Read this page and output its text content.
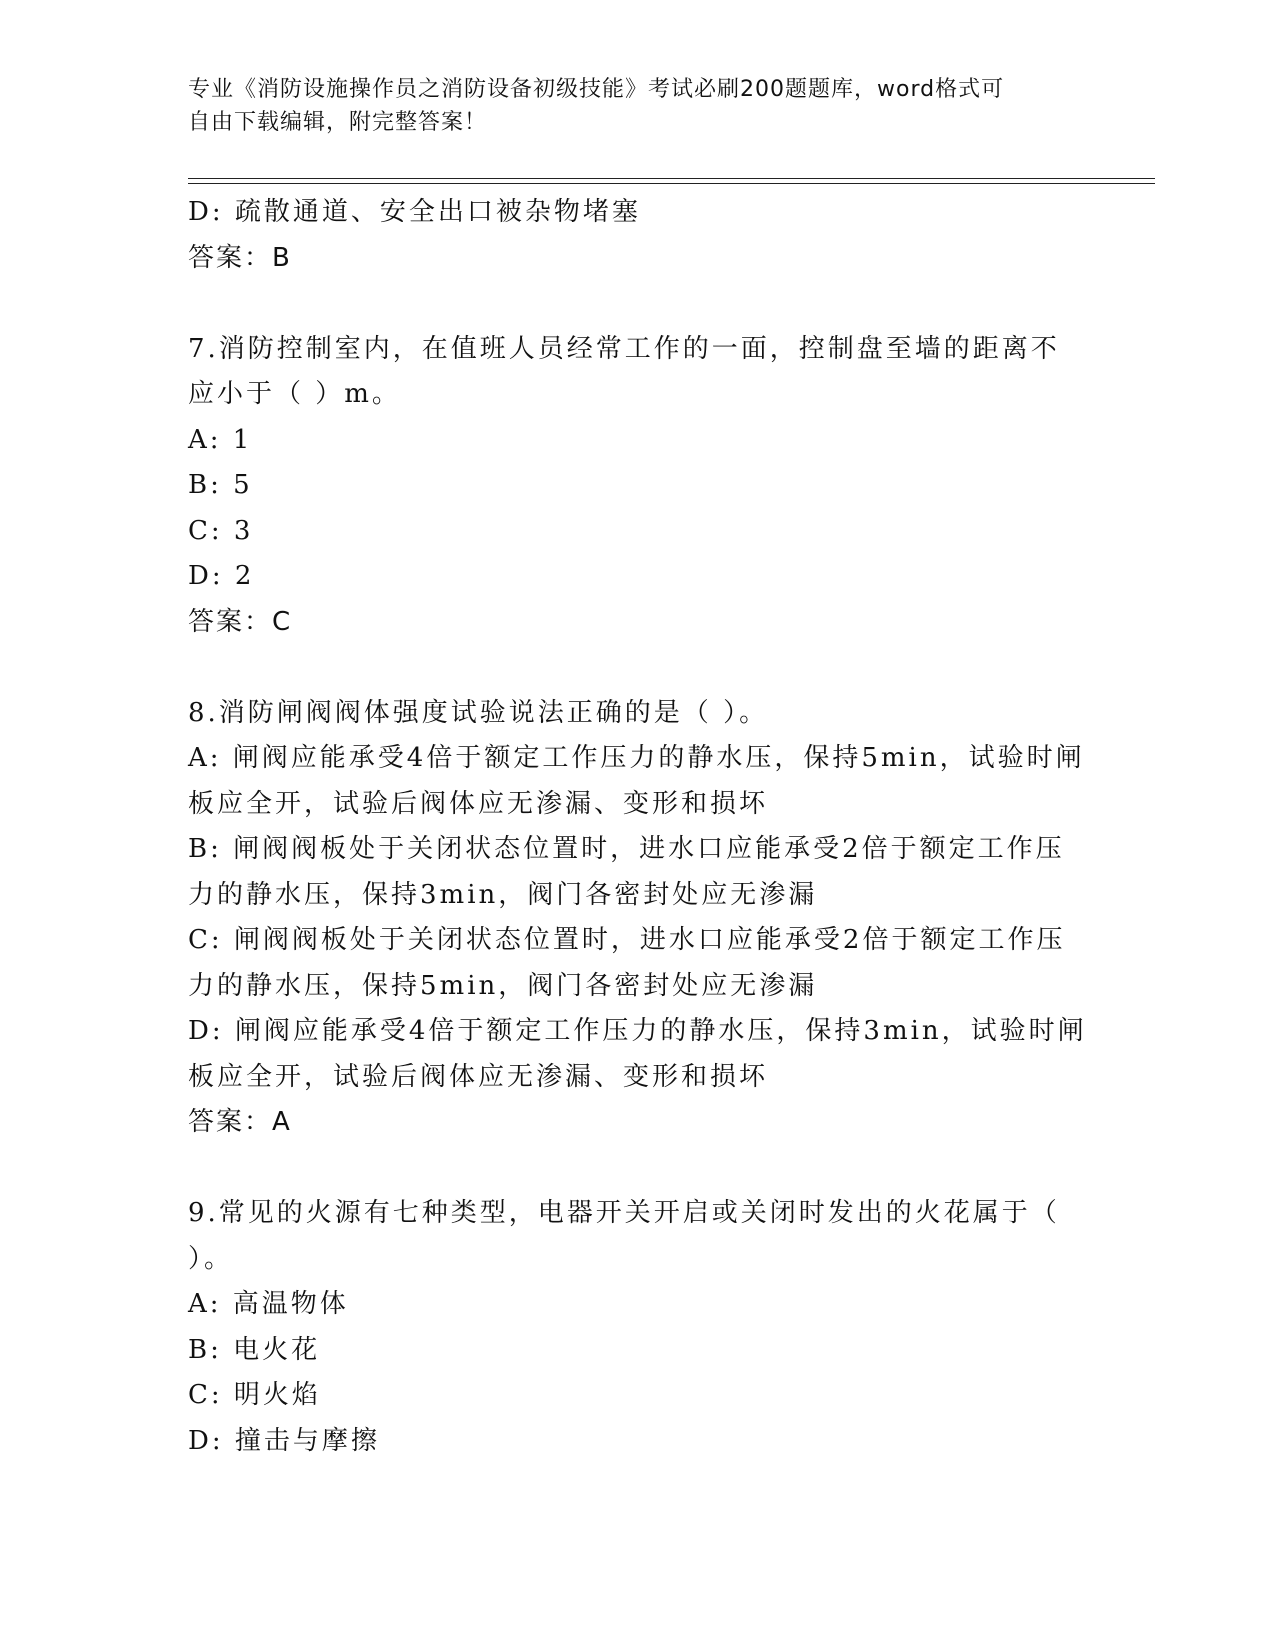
专业《消防设施操作员之消防设备初级技能》考试必刷200题题库，word格式可
自由下载编辑，附完整答案！
D: 疏散通道、安全出口被杂物堵塞
答案：B
7.消防控制室内，在值班人员经常工作的一面，控制盘至墙的距离不
应小于（ ）m。
A: 1
B: 5
C: 3
D: 2
答案：C
8.消防闸阀阀体强度试验说法正确的是（ ）。
A: 闸阀应能承受4倍于额定工作压力的静水压，保持5min，试验时闸
板应全开，试验后阀体应无渗漏、变形和损坏
B: 闸阀阀板处于关闭状态位置时，进水口应能承受2倍于额定工作压
力的静水压，保持3min，阀门各密封处应无渗漏
C: 闸阀阀板处于关闭状态位置时，进水口应能承受2倍于额定工作压
力的静水压，保持5min，阀门各密封处应无渗漏
D: 闸阀应能承受4倍于额定工作压力的静水压，保持3min，试验时闸
板应全开，试验后阀体应无渗漏、变形和损坏
答案：A
9.常见的火源有七种类型，电器开关开启或关闭时发出的火花属于（
）。
A: 高温物体
B: 电火花
C: 明火焰
D: 撞击与摩擦
